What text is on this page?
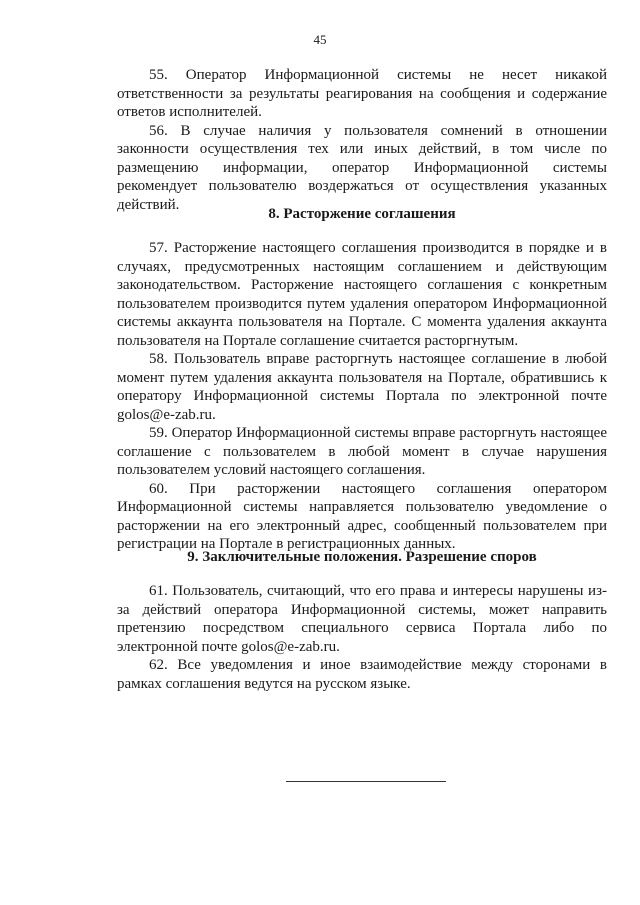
45

55. Оператор Информационной системы не несет никакой ответственности за результаты реагирования на сообщения и содержание ответов исполнителей.

56. В случае наличия у пользователя сомнений в отношении законности осуществления тех или иных действий, в том числе по размещению информации, оператор Информационной системы рекомендует пользователю воздержаться от осуществления указанных действий.

8. Расторжение соглашения

57. Расторжение настоящего соглашения производится в порядке и в случаях, предусмотренных настоящим соглашением и действующим законодательством. Расторжение настоящего соглашения с конкретным пользователем производится путем удаления оператором Информационной системы аккаунта пользователя на Портале. С момента удаления аккаунта пользователя на Портале соглашение считается расторгнутым.

58. Пользователь вправе расторгнуть настоящее соглашение в любой момент путем удаления аккаунта пользователя на Портале, обратившись к оператору Информационной системы Портала по электронной почте golos@e-zab.ru.

59. Оператор Информационной системы вправе расторгнуть настоящее соглашение с пользователем в любой момент в случае нарушения пользователем условий настоящего соглашения.

60. При расторжении настоящего соглашения оператором Информационной системы направляется пользователю уведомление о расторжении на его электронный адрес, сообщенный пользователем при регистрации на Портале в регистрационных данных.

9. Заключительные положения. Разрешение споров

61. Пользователь, считающий, что его права и интересы нарушены из-за действий оператора Информационной системы, может направить претензию посредством специального сервиса Портала либо по электронной почте golos@e-zab.ru.

62. Все уведомления и иное взаимодействие между сторонами в рамках соглашения ведутся на русском языке.
